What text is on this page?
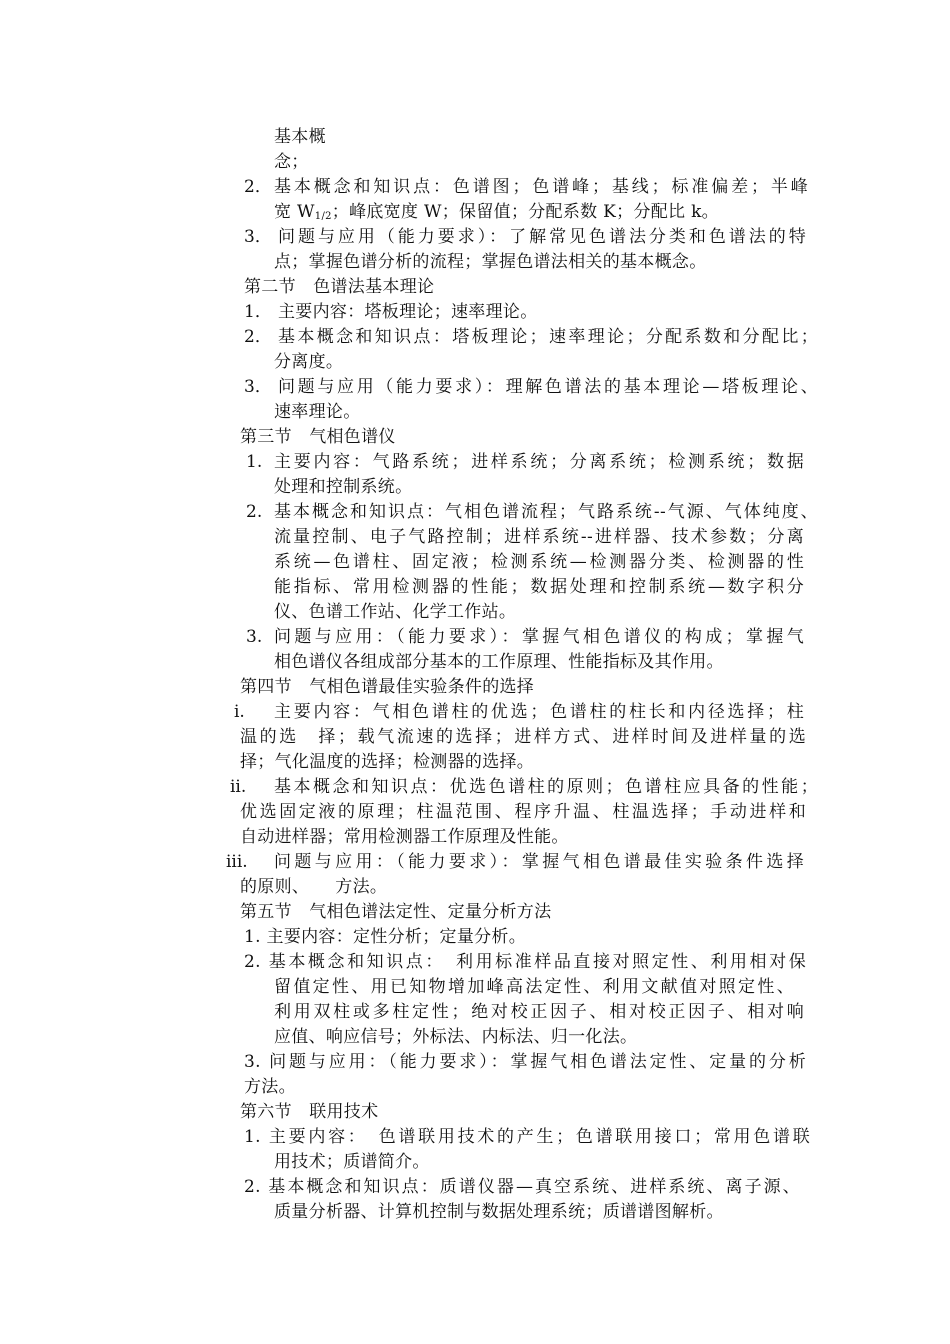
基本概
念；
2． 基本概念和知识点：色谱图；色谱峰；基线；标准偏差；半峰
宽 $W_{1/2}$；峰底宽度 W；保留值；分配系数 K；分配比 k。
3． 问题与应用（能力要求）：了解常见色谱法分类和色谱法的特
点；掌握色谱分析的流程；掌握色谱法相关的基本概念。
第二节　色谱法基本理论
1． 主要内容：塔板理论；速率理论。
2． 基本概念和知识点：塔板理论；速率理论；分配系数和分配比；
分离度。
3． 问题与应用（能力要求）：理解色谱法的基本理论—塔板理论、
速率理论。
第三节　气相色谱仪
1. 主要内容：气路系统；进样系统；分离系统；检测系统；数据
处理和控制系统。
2. 基本概念和知识点：气相色谱流程；气路系统--气源、气体纯度、
流量控制、电子气路控制；进样系统--进样器、技术参数；分离
系统—色谱柱、固定液；检测系统—检测器分类、检测器的性
能指标、常用检测器的性能；数据处理和控制系统—数字积分
仪、色谱工作站、化学工作站。
3. 问题与应用：（能力要求）：掌握气相色谱仪的构成；掌握气
相色谱仪各组成部分基本的工作原理、性能指标及其作用。
第四节　气相色谱最佳实验条件的选择
i. 主要内容：气相色谱柱的优选；色谱柱的柱长和内径选择；柱
温的选　择；载气流速的选择；进样方式、进样时间及进样量的选
择；气化温度的选择；检测器的选择。
ii. 基本概念和知识点：优选色谱柱的原则；色谱柱应具备的性能；
优选固定液的原理；柱温范围、程序升温、柱温选择；手动进样和
自动进样器；常用检测器工作原理及性能。
iii. 问题与应用：（能力要求）：掌握气相色谱最佳实验条件选择
的原则、　　方法。
第五节　气相色谱法定性、定量分析方法
1. 主要内容：定性分析；定量分析。
2. 基本概念和知识点：　利用标准样品直接对照定性、利用相对保
留值定性、用已知物增加峰高法定性、利用文献值对照定性、
利用双柱或多柱定性；绝对校正因子、相对校正因子、相对响
应值、响应信号；外标法、内标法、归一化法。
3. 问题与应用：（能力要求）：掌握气相色谱法定性、定量的分析
方法。
第六节　联用技术
1. 主要内容：　色谱联用技术的产生；色谱联用接口；常用色谱联
用技术；质谱简介。
2. 基本概念和知识点：质谱仪器—真空系统、进样系统、离子源、
质量分析器、计算机控制与数据处理系统；质谱谱图解析。
